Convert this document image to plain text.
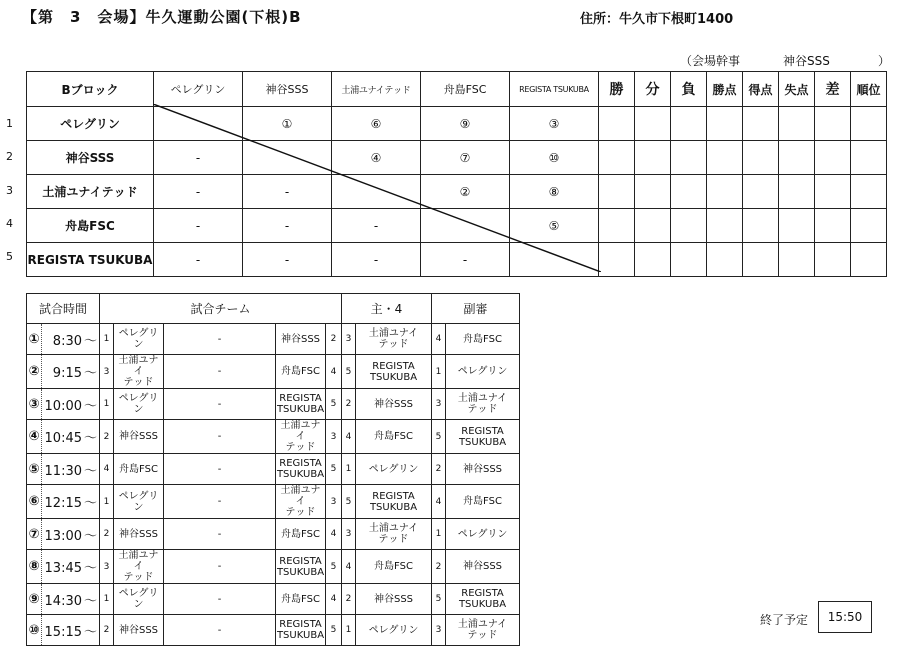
【第　3　会場】牛久運動公園(下根)B	住所：牛久市下根町1400
（会場幹事	神谷SSS	）
1
2
3
4
5
Bブロック	ペレグリン	神谷SSS	土浦ユナイテッド	舟島FSC	REGISTA TSUKUBA	勝	分	負	勝点	得点	失点	差	順位
ペレグリン		①	⑥	⑨	③								
神谷SSS	-		④	⑦	⑩								
土浦ユナイテッド	-	-		②	⑧								
舟島FSC	-	-	-		⑤								
REGISTA TSUKUBA	-	-	-	-									
試合時間		試合チーム					主・4		副審	
①	8:30 ～	1	ペレグリン	-	神谷SSS	2	3	土浦ユナイ
テッド	4	舟島FSC
②	9:15 ～	3	土浦ユナイ
テッド	-	舟島FSC	4	5	REGISTA
TSUKUBA	1	ペレグリン
③	10:00 ～	1	ペレグリン	-	REGISTA
TSUKUBA	5	2	神谷SSS	3	土浦ユナイ
テッド
④	10:45 ～	2	神谷SSS	-	土浦ユナイ
テッド	3	4	舟島FSC	5	REGISTA
TSUKUBA
⑤	11:30 ～	4	舟島FSC	-	REGISTA
TSUKUBA	5	1	ペレグリン	2	神谷SSS
⑥	12:15 ～	1	ペレグリン	-	土浦ユナイ
テッド	3	5	REGISTA
TSUKUBA	4	舟島FSC
⑦	13:00 ～	2	神谷SSS	-	舟島FSC	4	3	土浦ユナイ
テッド	1	ペレグリン
⑧	13:45 ～	3	土浦ユナイ
テッド	-	REGISTA
TSUKUBA	5	4	舟島FSC	2	神谷SSS
⑨	14:30 ～	1	ペレグリン	-	舟島FSC	4	2	神谷SSS	5	REGISTA
TSUKUBA
⑩	15:15 ～	2	神谷SSS	-	REGISTA
TSUKUBA	5	1	ペレグリン	3	土浦ユナイ
テッド
終了予定	15:50
